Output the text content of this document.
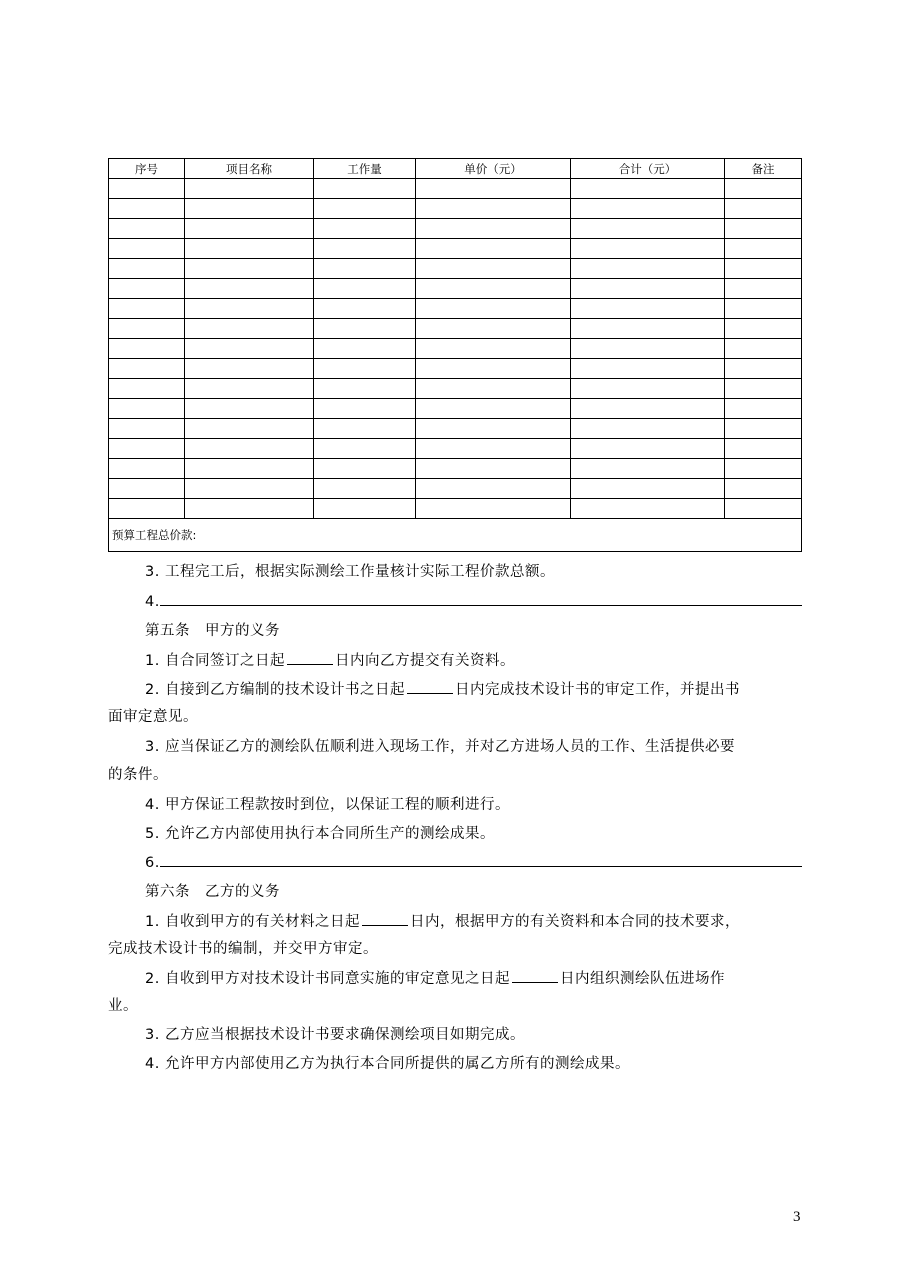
序号	项目名称	工作量	单价（元）	合计（元）	备注

预算工程总价款:					

3. 工程完工后，根据实际测绘工作量核计实际工程价款总额。

4.

第五条　甲方的义务

1. 自合同签订之日起	日内向乙方提交有关资料。

2. 自接到乙方编制的技术设计书之日起	日内完成技术设计书的审定工作，并提出书

面审定意见。

3. 应当保证乙方的测绘队伍顺利进入现场工作，并对乙方进场人员的工作、生活提供必要

的条件。

4. 甲方保证工程款按时到位，以保证工程的顺利进行。

5. 允许乙方内部使用执行本合同所生产的测绘成果。

6.

第六条　乙方的义务

1. 自收到甲方的有关材料之日起	日内，根据甲方的有关资料和本合同的技术要求，

完成技术设计书的编制，并交甲方审定。

2. 自收到甲方对技术设计书同意实施的审定意见之日起	日内组织测绘队伍进场作

业。

3. 乙方应当根据技术设计书要求确保测绘项目如期完成。

4. 允许甲方内部使用乙方为执行本合同所提供的属乙方所有的测绘成果。

3
